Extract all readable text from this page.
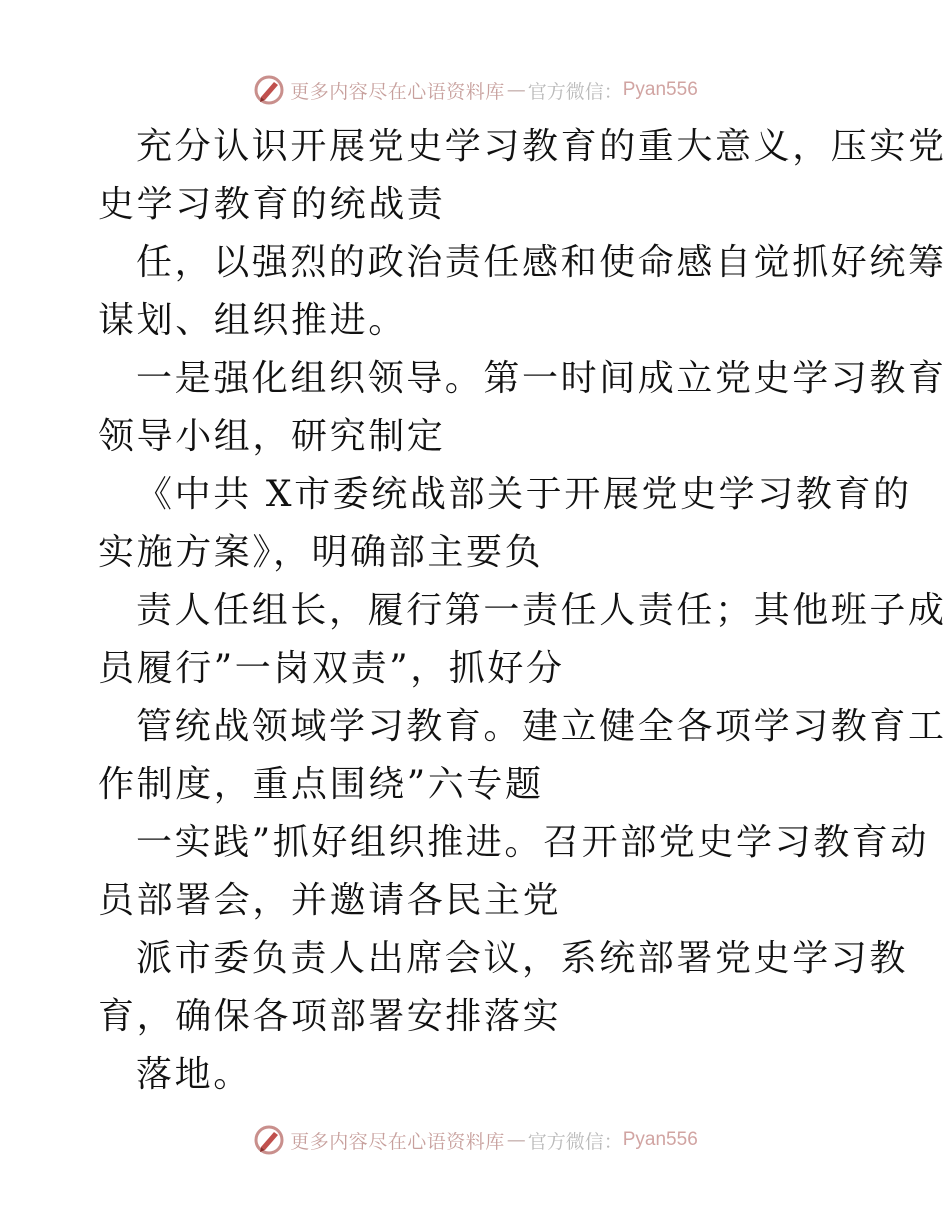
更多内容尽在心语资料库 — 官方微信： Pyan556

充分认识开展党史学习教育的重大意义，压实党
史学习教育的统战责

任，以强烈的政治责任感和使命感自觉抓好统筹
谋划、组织推进。

一是强化组织领导。第一时间成立党史学习教育
领导小组，研究制定

《中共 X市委统战部关于开展党史学习教育的
实施方案》，明确部主要负

责人任组长，履行第一责任人责任；其他班子成
员履行”一岗双责”，抓好分

管统战领域学习教育。建立健全各项学习教育工
作制度，重点围绕”六专题

一实践”抓好组织推进。召开部党史学习教育动
员部署会，并邀请各民主党

派市委负责人出席会议，系统部署党史学习教
育，确保各项部署安排落实

落地。

更多内容尽在心语资料库 — 官方微信： Pyan556
